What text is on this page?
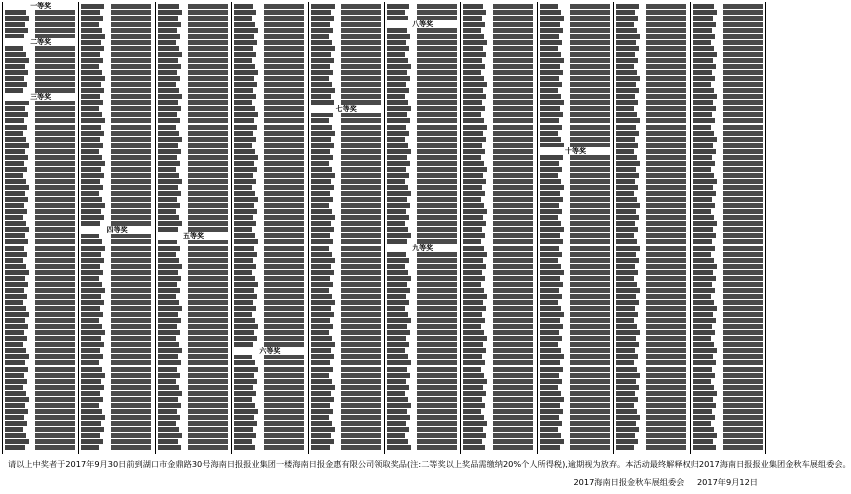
一等奖
二等奖
三等奖
四等奖
五等奖
六等奖
七等奖
八等奖
九等奖
十等奖
请以上中奖者于2017年9月30日前到湖口市金鼎路30号海南日报报业集团一楼海南日报金惠有限公司领取奖品(注:二等奖以上奖品需缴纳20%个人所得税),逾期视为放弃。本活动最终解释权归2017海南日报报业集团金秋车展组委会。
2017海南日报金秋车展组委会 2017年9月12日
